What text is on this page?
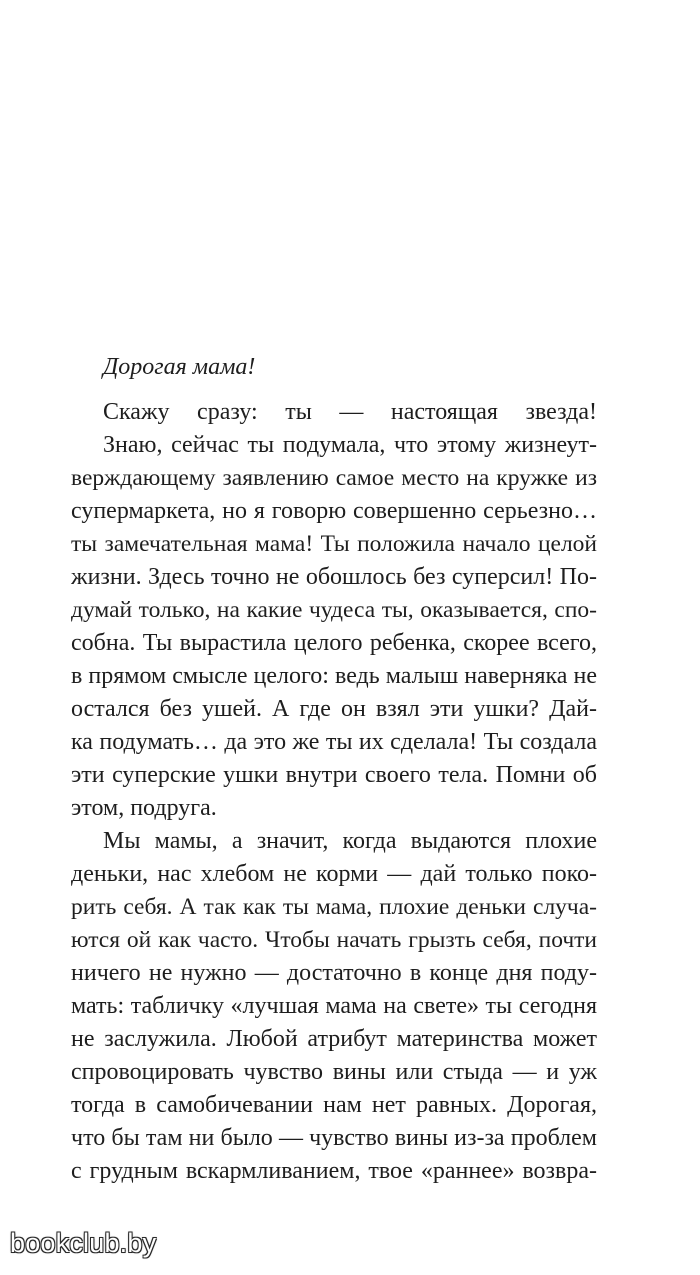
Дорогая мама!

Скажу сразу: ты — настоящая звезда!
Знаю, сейчас ты подумала, что этому жизнеут-
верждающему заявлению самое место на кружке из
супермаркета, но я говорю совершенно серьезно…
ты замечательная мама! Ты положила начало целой
жизни. Здесь точно не обошлось без суперсил! По-
думай только, на какие чудеса ты, оказывается, спо-
собна. Ты вырастила целого ребенка, скорее всего,
в прямом смысле целого: ведь малыш наверняка не
остался без ушей. А где он взял эти ушки? Дай-
ка подумать… да это же ты их сделала! Ты создала
эти суперские ушки внутри своего тела. Помни об
этом, подруга.
Мы мамы, а значит, когда выдаются плохие
деньки, нас хлебом не корми — дай только поко-
рить себя. А так как ты мама, плохие деньки случа-
ются ой как часто. Чтобы начать грызть себя, почти
ничего не нужно — достаточно в конце дня поду-
мать: табличку «лучшая мама на свете» ты сегодня
не заслужила. Любой атрибут материнства может
спровоцировать чувство вины или стыда — и уж
тогда в самобичевании нам нет равных. Дорогая,
что бы там ни было — чувство вины из-за проблем
с грудным вскармливанием, твое «раннее» возвра-

bookclub.by
